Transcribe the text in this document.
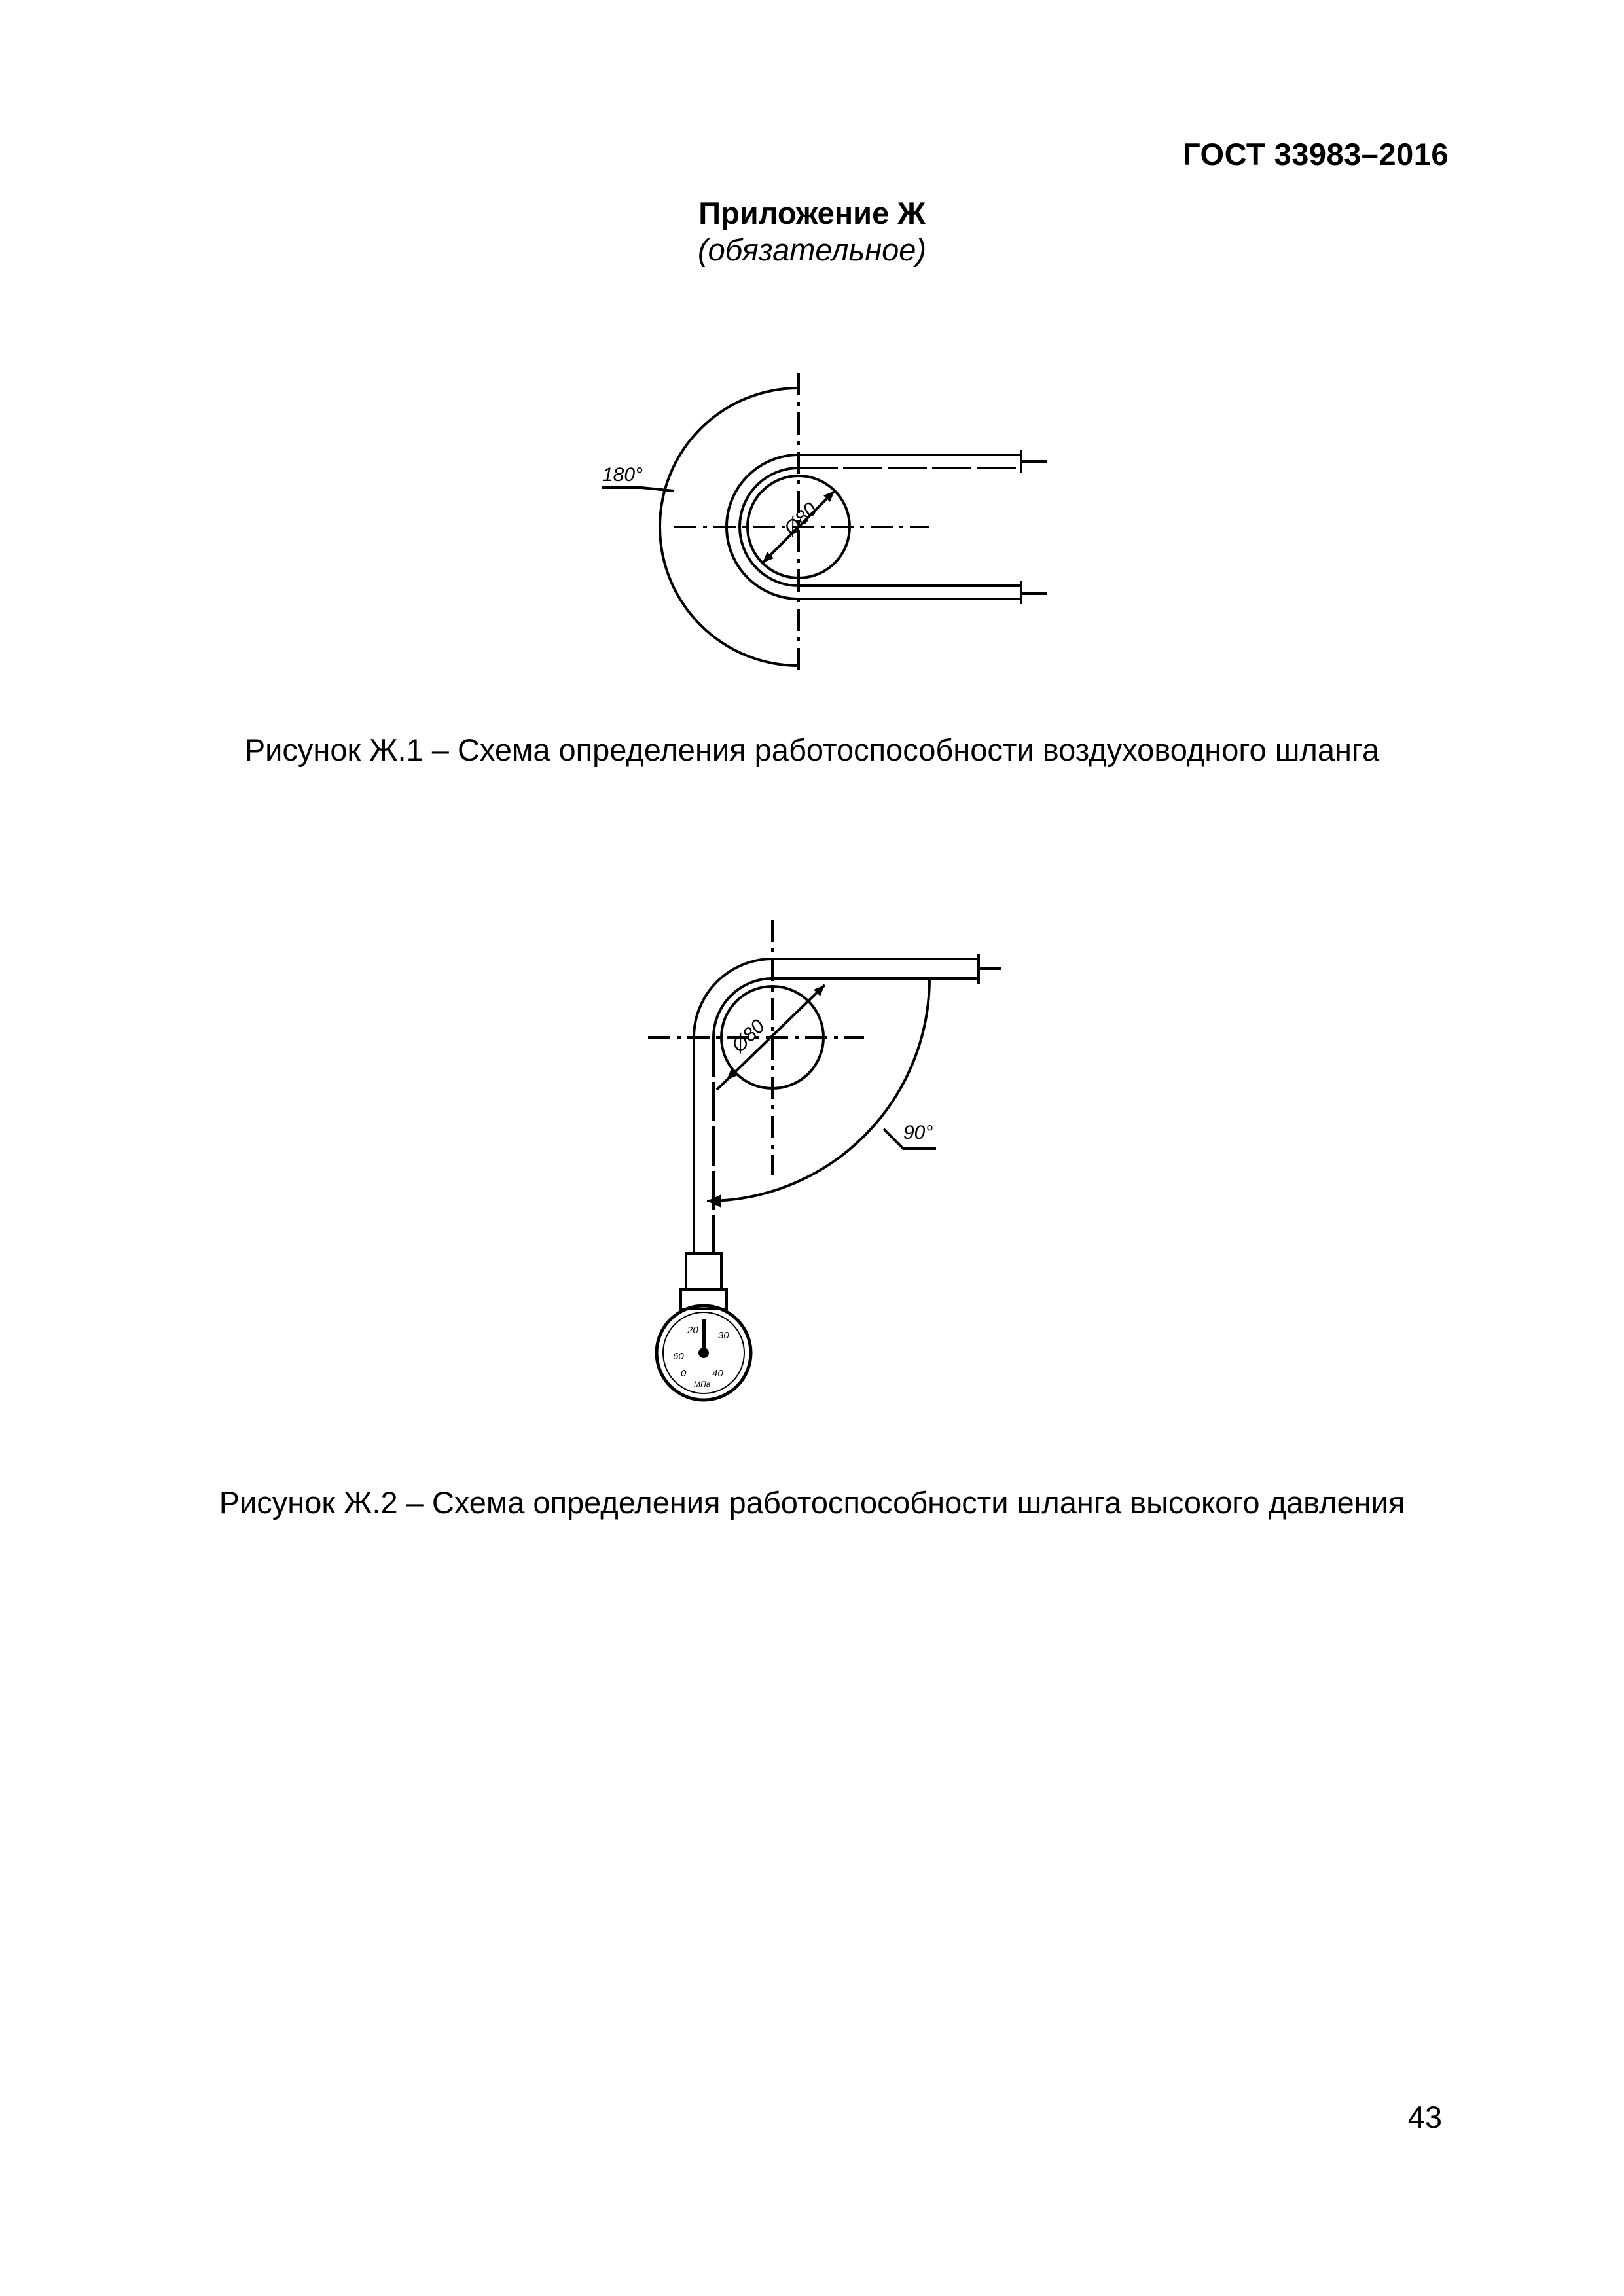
ГОСТ 33983–2016
Приложение Ж
(обязательное)
180°
Ø80
Рисунок Ж.1 – Схема определения работоспособности воздуховодного шланга
90°
Ø80
20 30
60
0	40
МПа
Рисунок Ж.2 – Схема определения работоспособности шланга высокого давления
43
